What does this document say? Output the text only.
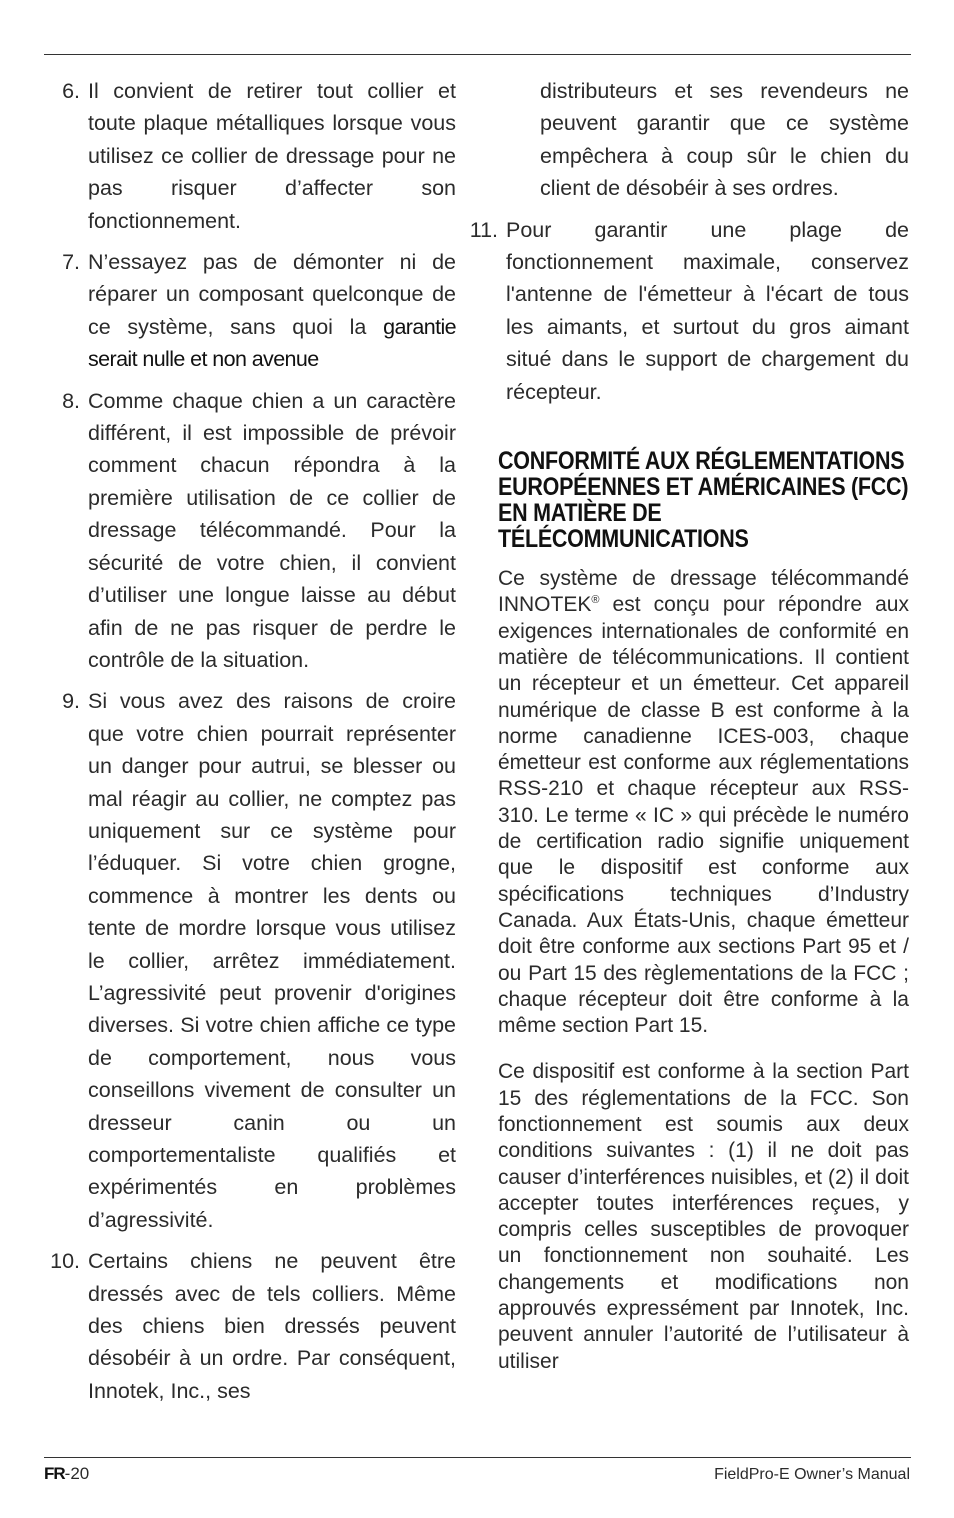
6. Il convient de retirer tout collier et toute plaque métalliques lorsque vous utilisez ce collier de dressage pour ne pas risquer d’affecter son fonctionnement.
7. N’essayez pas de démonter ni de réparer un composant quelconque de ce système, sans quoi la garantie serait nulle et non avenue
8. Comme chaque chien a un caractère différent, il est impossible de prévoir comment chacun répondra à la première utilisation de ce collier de dressage télécommandé. Pour la sécurité de votre chien, il convient d’utiliser une longue laisse au début afin de ne pas risquer de perdre le contrôle de la situation.
9. Si vous avez des raisons de croire que votre chien pourrait représenter un danger pour autrui, se blesser ou mal réagir au collier, ne comptez pas uniquement sur ce système pour l’éduquer. Si votre chien grogne, commence à montrer les dents ou tente de mordre lorsque vous utilisez le collier, arrêtez immédiatement. L’agressivité peut provenir d'origines diverses. Si votre chien affiche ce type de comportement, nous vous conseillons vivement de consulter un dresseur canin ou un comportementaliste qualifiés et expérimentés en problèmes d’agressivité.
10. Certains chiens ne peuvent être dressés avec de tels colliers. Même des chiens bien dressés peuvent désobéir à un ordre. Par conséquent, Innotek, Inc., ses
distributeurs et ses revendeurs ne peuvent garantir que ce système empêchera à coup sûr le chien du client de désobéir à ses ordres.
11. Pour garantir une plage de fonctionnement maximale, conservez l'antenne de l'émetteur à l'écart de tous les aimants, et surtout du gros aimant situé dans le support de chargement du récepteur.
CONFORMITÉ AUX RÉGLEMENTATIONS EUROPÉENNES ET AMÉRICAINES (FCC) EN MATIÈRE DE TÉLÉCOMMUNICATIONS

Ce système de dressage télécommandé INNOTEK® est conçu pour répondre aux exigences internationales de conformité en matière de télécommunications. Il contient un récepteur et un émetteur. Cet appareil numérique de classe B est conforme à la norme canadienne ICES-003, chaque émetteur est conforme aux réglementations RSS-210 et chaque récepteur aux RSS-310. Le terme « IC » qui précède le numéro de certification radio signifie uniquement que le dispositif est conforme aux spécifications techniques d’Industry Canada. Aux États-Unis, chaque émetteur doit être conforme aux sections Part 95 et / ou Part 15 des règlementations de la FCC ; chaque récepteur doit être conforme à la même section Part 15.

Ce dispositif est conforme à la section Part 15 des réglementations de la FCC. Son fonctionnement est soumis aux deux conditions suivantes : (1) il ne doit pas causer d’interférences nuisibles, et (2) il doit accepter toutes interférences reçues, y compris celles susceptibles de provoquer un fonctionnement non souhaité. Les changements et modifications non approuvés expressément par Innotek, Inc. peuvent annuler l’autorité de l’utilisateur à utiliser

FR-20	FieldPro-E Owner’s Manual
